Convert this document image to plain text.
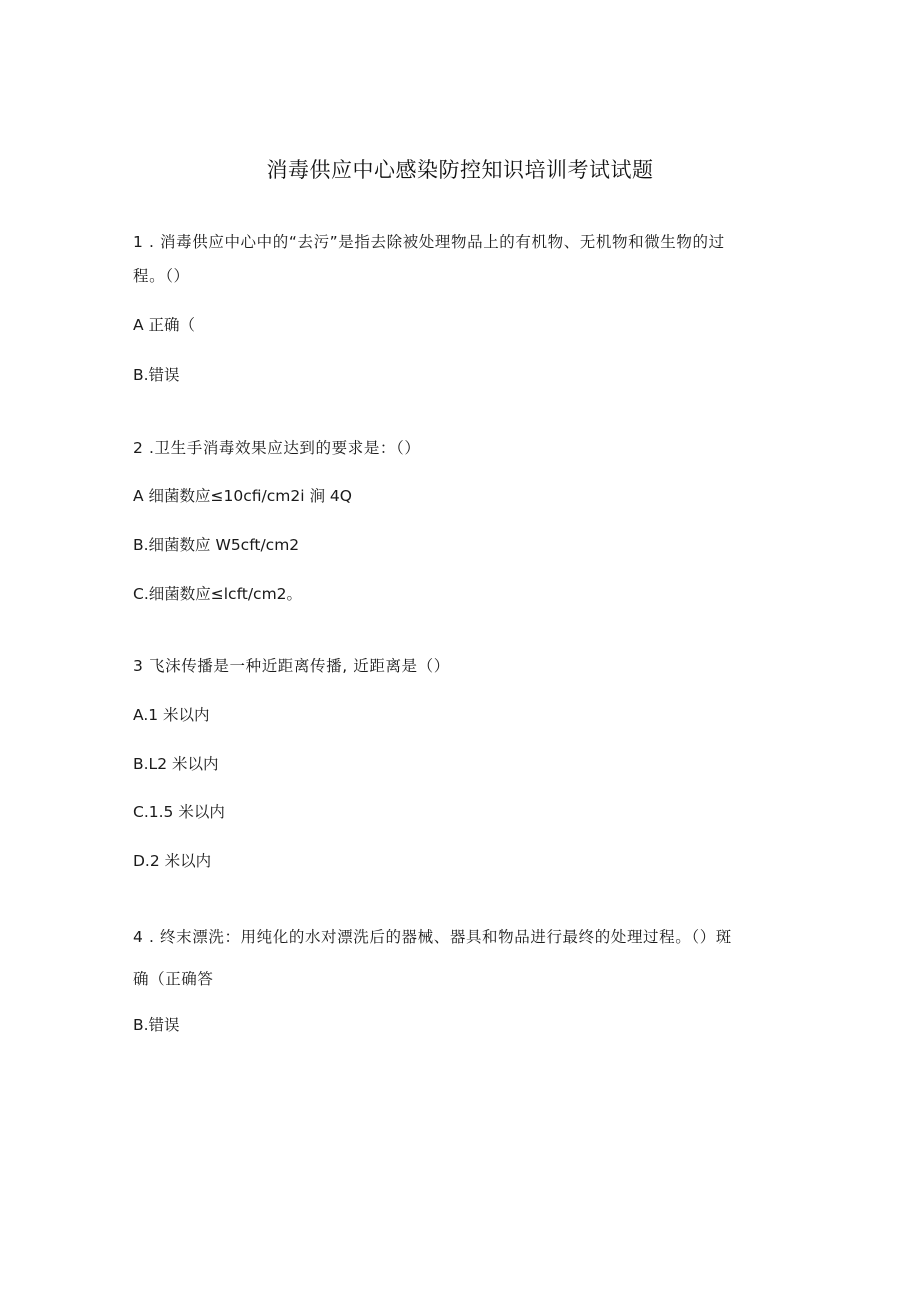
消毒供应中心感染防控知识培训考试试题
1 . 消毒供应中心中的“去污”是指去除被处理物品上的有机物、无机物和微生物的过
程。（）
A 正确（
B.错误
2 .卫生手消毒效果应达到的要求是：（）
A 细菌数应≤10cfi/cm2i 涧 4Q
B.细菌数应 W5cft/cm2
C.细菌数应≤lcft/cm2。
3 飞沫传播是一种近距离传播, 近距离是（）
A.1 米以内
B.L2 米以内
C.1.5 米以内
D.2 米以内
4 . 终末漂洗：用纯化的水对漂洗后的器械、器具和物品进行最终的处理过程。（）斑
确（正确答
B.错误
